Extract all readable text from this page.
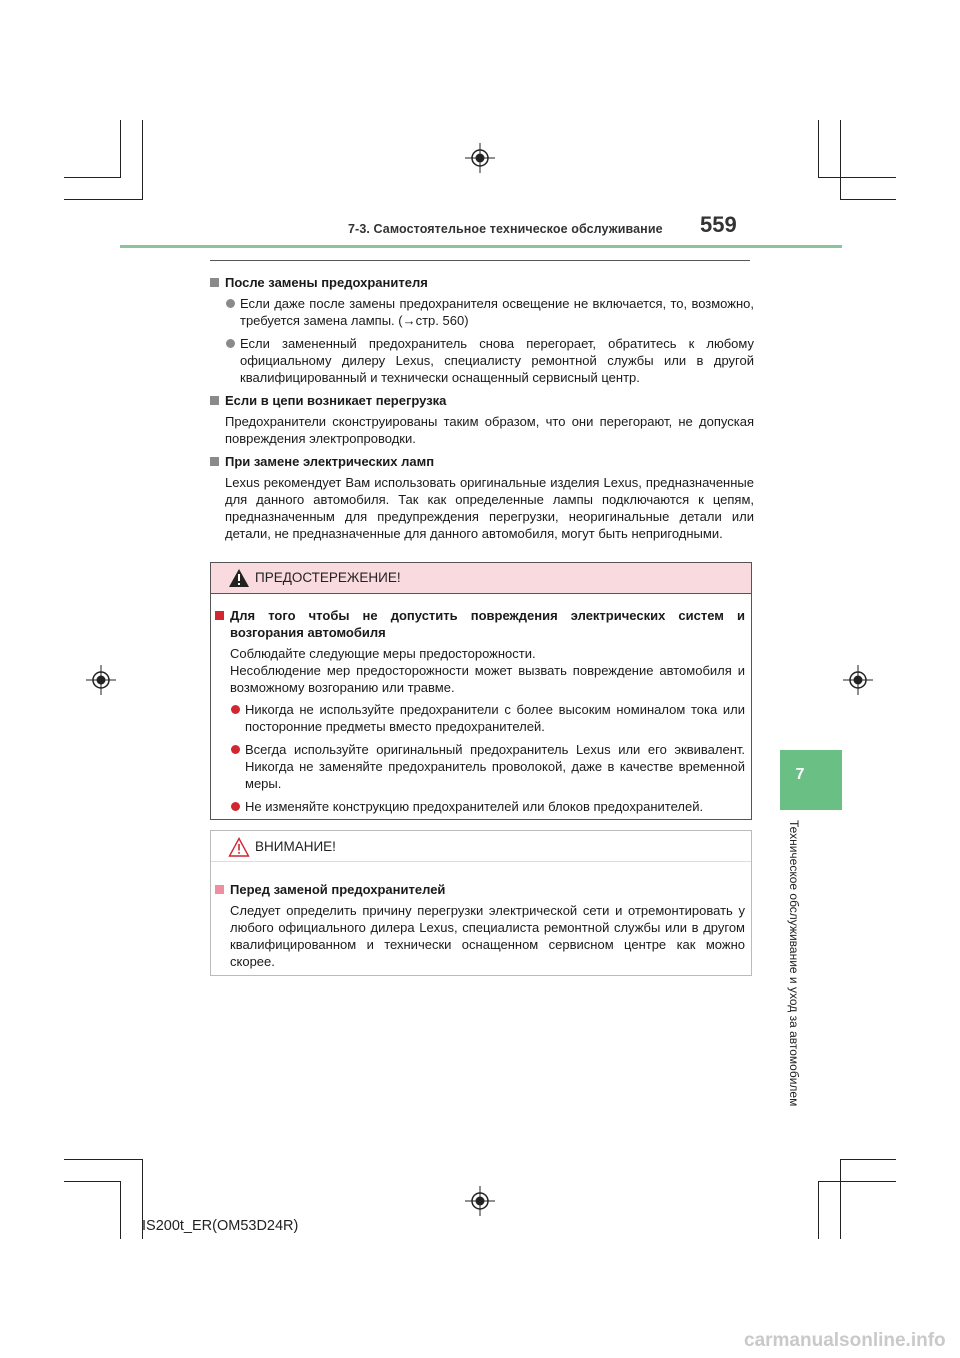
7-3. Самостоятельное техническое обслуживание	559
7
Техническое обслуживание и уход за автомобилем
После замены предохранителя
Если даже после замены предохранителя освещение не включается, то, возможно, требуется замена лампы. (→стр. 560)
Если замененный предохранитель снова перегорает, обратитесь к любому официальному дилеру Lexus, специалисту ремонтной службы или в другой квалифицированный и технически оснащенный сервисный центр.
Если в цепи возникает перегрузка
Предохранители сконструированы таким образом, что они перегорают, не допуская повреждения электропроводки.
При замене электрических ламп
Lexus рекомендует Вам использовать оригинальные изделия Lexus, предназначенные для данного автомобиля. Так как определенные лампы подключаются к цепям, предназначенным для предупреждения перегрузки, неоригинальные детали или детали, не предназначенные для данного автомобиля, могут быть непригодными.
ПРЕДОСТЕРЕЖЕНИЕ!
Для того чтобы не допустить повреждения электрических систем и возгорания автомобиля
Соблюдайте следующие меры предосторожности.
Несоблюдение мер предосторожности может вызвать повреждение автомобиля и возможному возгоранию или травме.
Никогда не используйте предохранители с более высоким номиналом тока или посторонние предметы вместо предохранителей.
Всегда используйте оригинальный предохранитель Lexus или его эквивалент. Никогда не заменяйте предохранитель проволокой, даже в качестве временной меры.
Не изменяйте конструкцию предохранителей или блоков предохранителей.
ВНИМАНИЕ!
Перед заменой предохранителей
Следует определить причину перегрузки электрической сети и отремонтировать у любого официального дилера Lexus, специалиста ремонтной службы или в другом квалифицированном и технически оснащенном сервисном центре как можно скорее.
IS200t_ER(OM53D24R)
carmanualsonline.info
